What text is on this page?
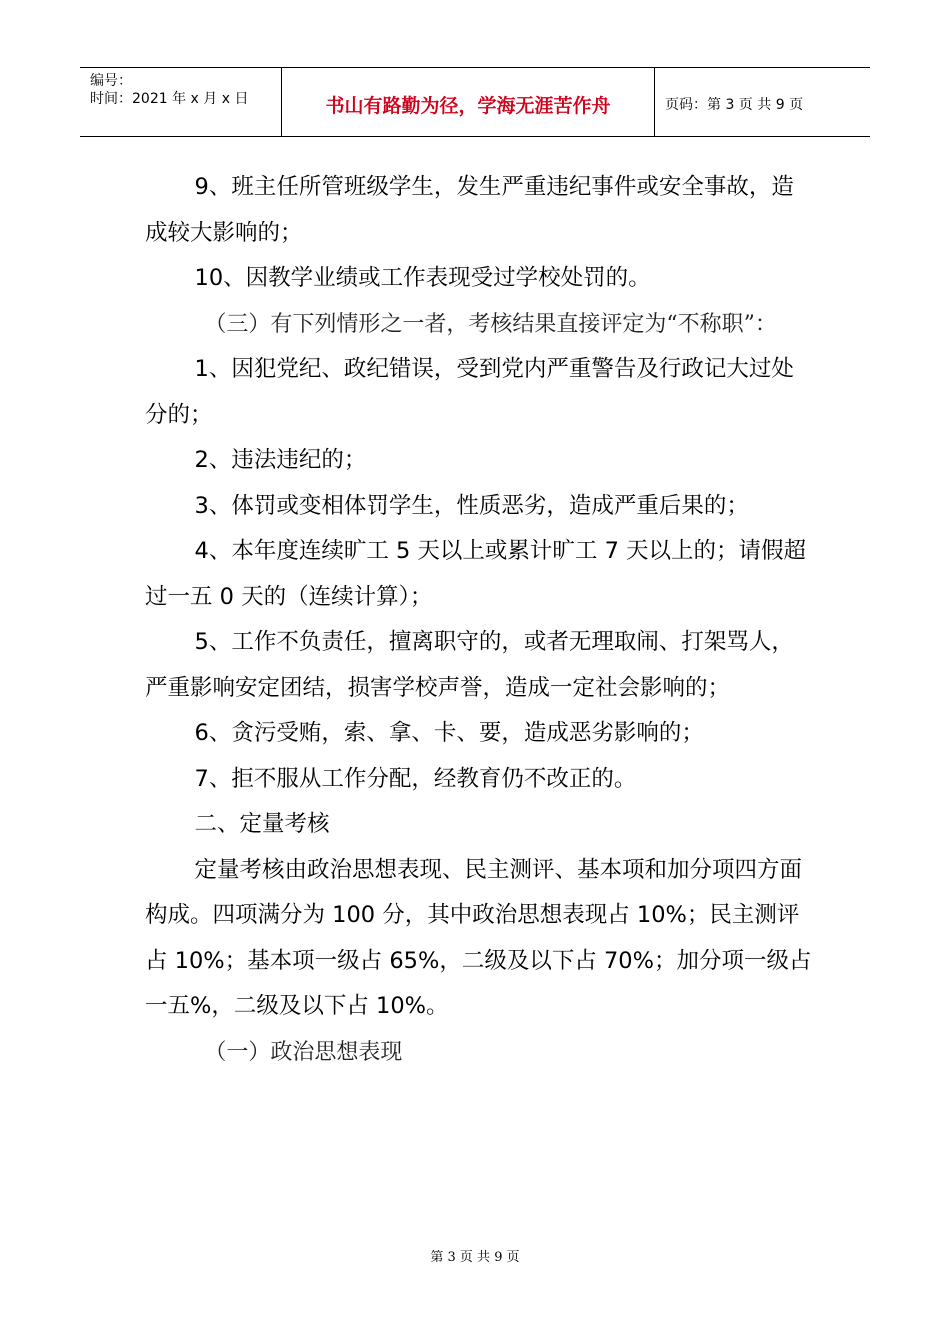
编号：
时间：2021 年 x 月 x 日	书山有路勤为径，学海无涯苦作舟	页码：第 3 页 共 9 页

9、班主任所管班级学生，发生严重违纪事件或安全事故，造成较大影响的；

10、因教学业绩或工作表现受过学校处罚的。

（三）有下列情形之一者，考核结果直接评定为“不称职”：

1、因犯党纪、政纪错误，受到党内严重警告及行政记大过处分的；

2、违法违纪的；

3、体罚或变相体罚学生，性质恶劣，造成严重后果的；

4、本年度连续旷工 5 天以上或累计旷工 7 天以上的；请假超过一五 0 天的（连续计算）；

5、工作不负责任，擅离职守的，或者无理取闹、打架骂人，严重影响安定团结，损害学校声誉，造成一定社会影响的；

6、贪污受贿，索、拿、卡、要，造成恶劣影响的；

7、拒不服从工作分配，经教育仍不改正的。

二、定量考核

定量考核由政治思想表现、民主测评、基本项和加分项四方面构成。四项满分为 100 分，其中政治思想表现占 10%；民主测评占 10%；基本项一级占 65%，二级及以下占 70%；加分项一级占一五%，二级及以下占 10%。

（一）政治思想表现

第 3 页 共 9 页
